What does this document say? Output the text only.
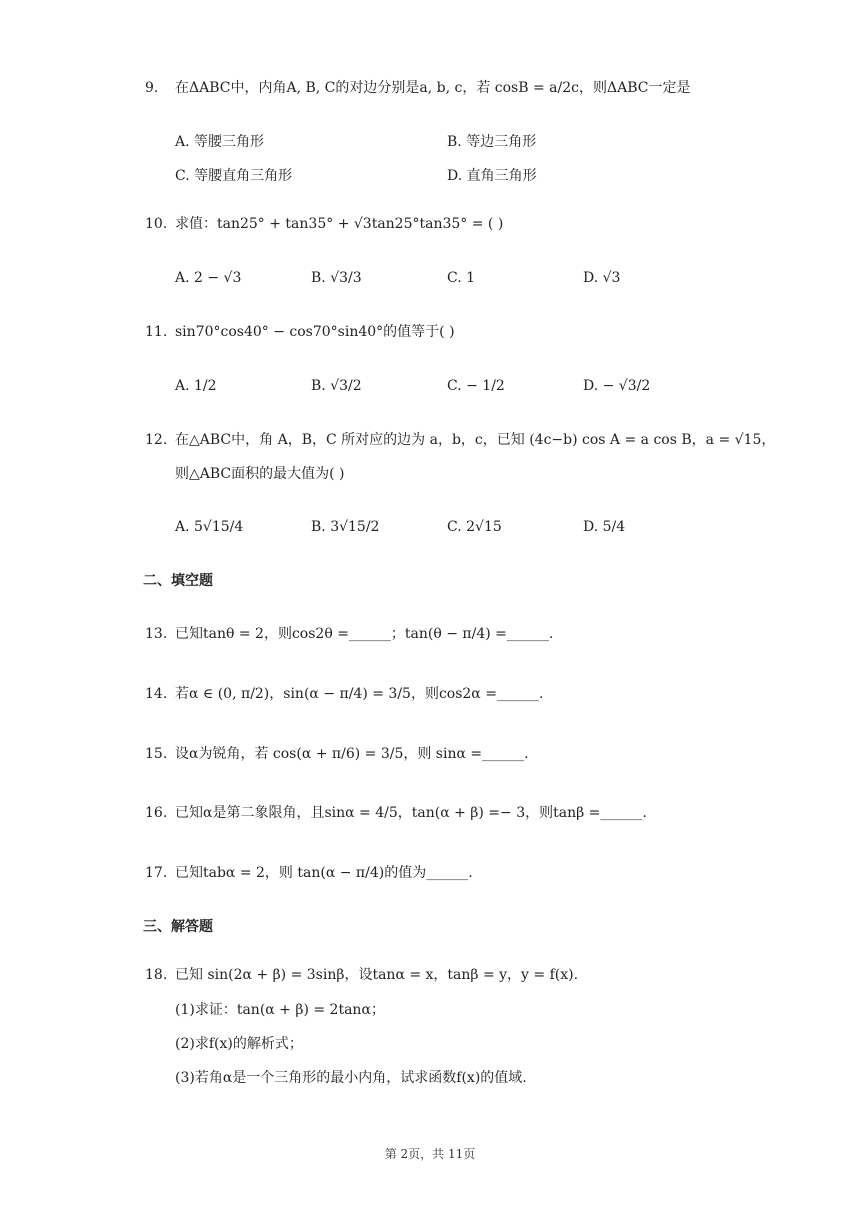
9. 在ΔABC中，内角A, B, C的对边分别是a, b, c，若 cosB = a/2c，则ΔABC一定是
A. 等腰三角形	B. 等边三角形
C. 等腰直角三角形	D. 直角三角形
10. 求值：tan25° + tan35° + √3tan25°tan35° = ( )
A. 2 − √3	B. √3/3	C. 1	D. √3
11. sin70°cos40° − cos70°sin40°的值等于( )
A. 1/2	B. √3/2	C. − 1/2	D. − √3/2
12. 在△ABC中，角 A，B，C 所对应的边为 a，b，c，已知 (4c−b) cos A = a cos B，a = √15，
则△ABC面积的最大值为( )
A. 5√15/4	B. 3√15/2	C. 2√15	D. 5/4
二、填空题
13. 已知tanθ = 2，则cos2θ =______；tan(θ − π/4) =______.
14. 若α ∈ (0, π/2)，sin(α − π/4) = 3/5，则cos2α =______.
15. 设α为锐角，若 cos(α + π/6) = 3/5，则 sinα =______.
16. 已知α是第二象限角，且sinα = 4/5，tan(α + β) =− 3，则tanβ =______.
17. 已知tabα = 2，则 tan(α − π/4)的值为______.
三、解答题
18. 已知 sin(2α + β) = 3sinβ，设tanα = x，tanβ = y，y = f(x).
(1)求证：tan(α + β) = 2tanα；
(2)求f(x)的解析式；
(3)若角α是一个三角形的最小内角，试求函数f(x)的值域.
第 2页，共 11页
